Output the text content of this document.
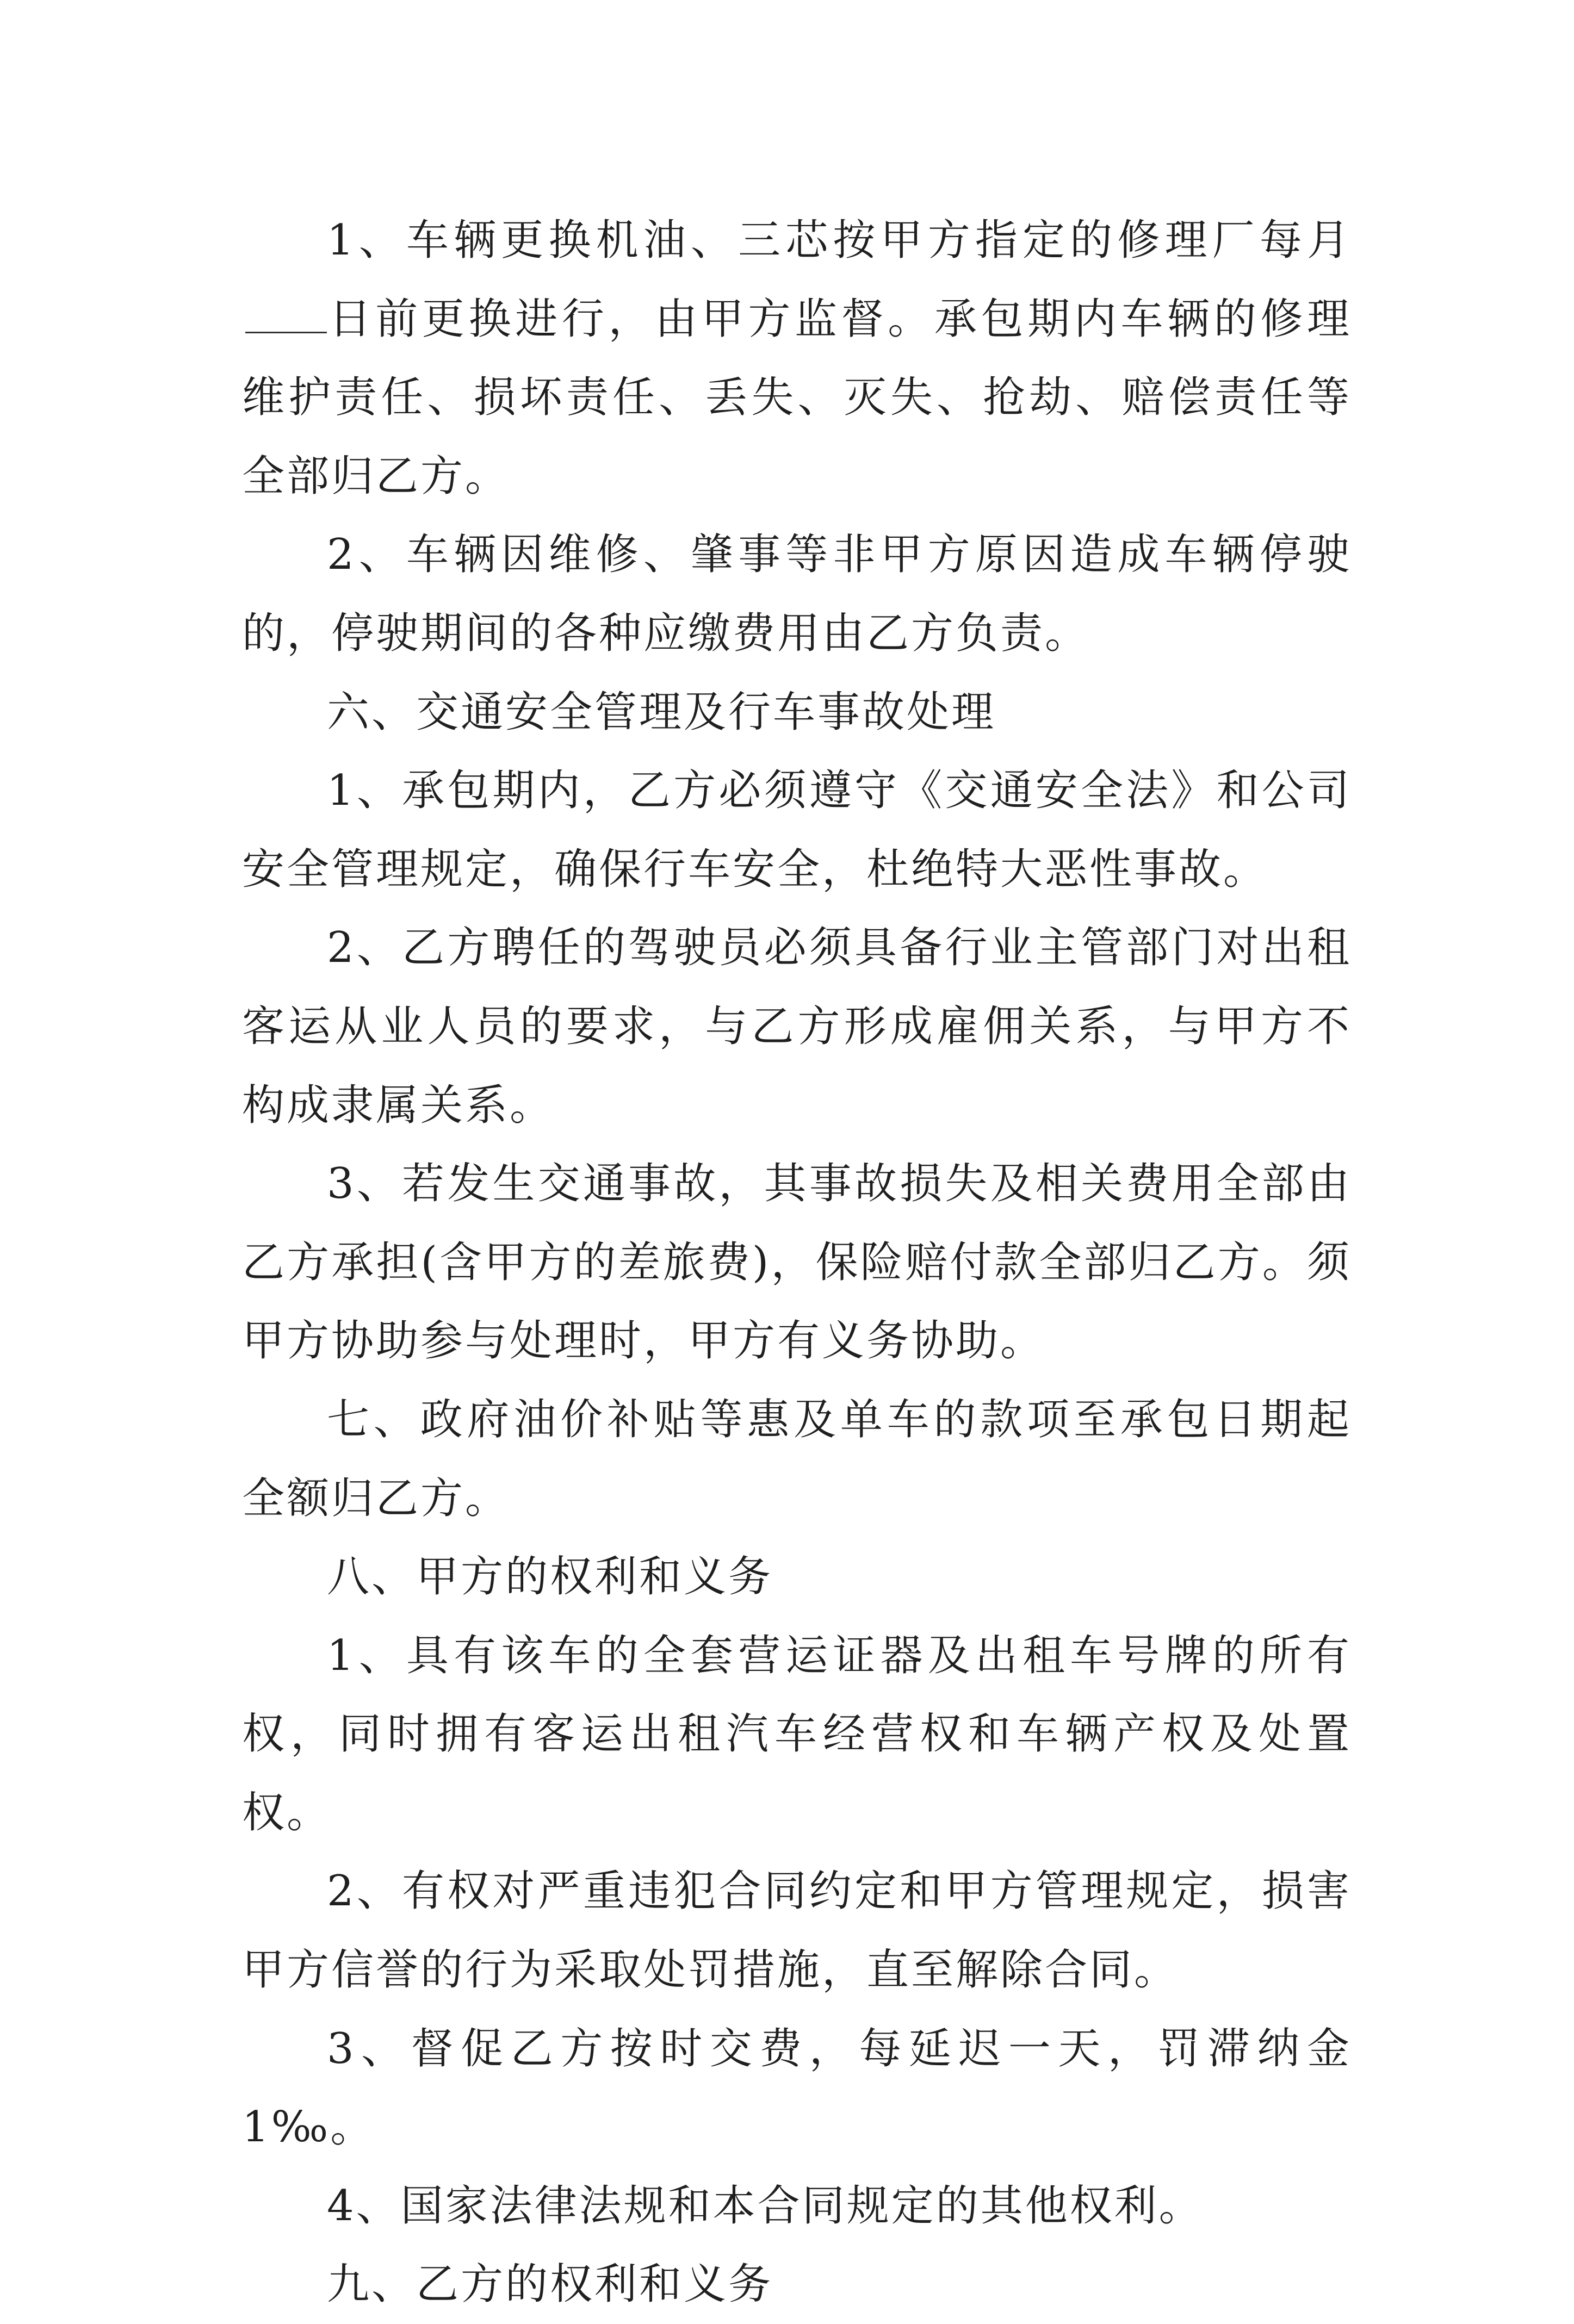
1、车辆更换机油、三芯按甲方指定的修理厂每月日前更换进行，由甲方监督。承包期内车辆的修理维护责任、损坏责任、丢失、灭失、抢劫、赔偿责任等全部归乙方。

2、车辆因维修、肇事等非甲方原因造成车辆停驶的，停驶期间的各种应缴费用由乙方负责。

六、交通安全管理及行车事故处理

1、承包期内，乙方必须遵守《交通安全法》和公司安全管理规定，确保行车安全，杜绝特大恶性事故。

2、乙方聘任的驾驶员必须具备行业主管部门对出租客运从业人员的要求，与乙方形成雇佣关系，与甲方不构成隶属关系。

3、若发生交通事故，其事故损失及相关费用全部由乙方承担(含甲方的差旅费)，保险赔付款全部归乙方。须甲方协助参与处理时，甲方有义务协助。

七、政府油价补贴等惠及单车的款项至承包日期起全额归乙方。

八、甲方的权利和义务

1、具有该车的全套营运证器及出租车号牌的所有权，同时拥有客运出租汽车经营权和车辆产权及处置权。

2、有权对严重违犯合同约定和甲方管理规定，损害甲方信誉的行为采取处罚措施，直至解除合同。

3、督促乙方按时交费，每延迟一天，罚滞纳金1‰。

4、国家法律法规和本合同规定的其他权利。

九、乙方的权利和义务
